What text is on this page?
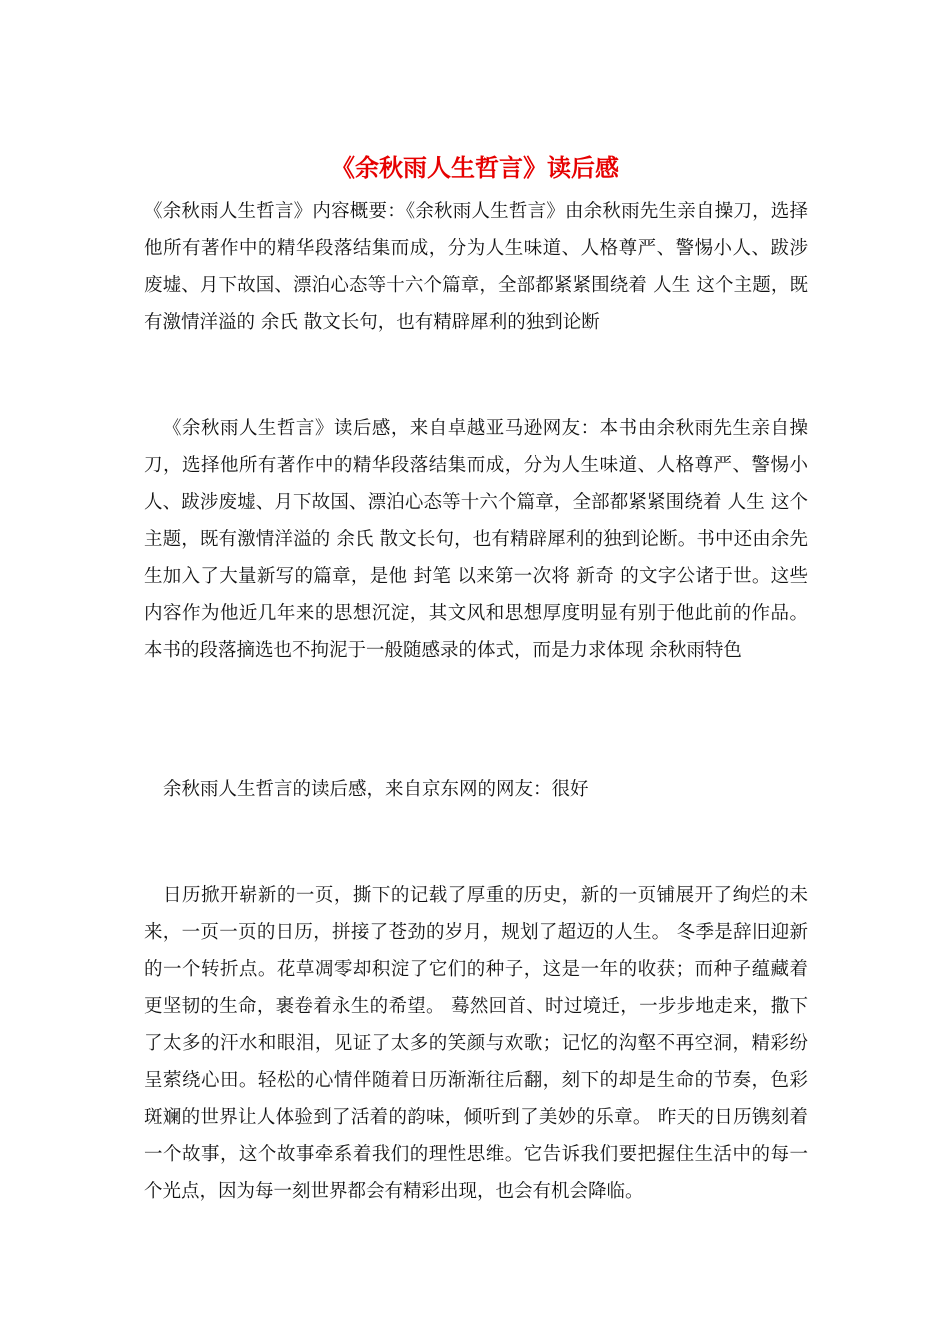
《余秋雨人生哲言》读后感

《余秋雨人生哲言》内容概要：《余秋雨人生哲言》由余秋雨先生亲自操刀，选择他所有著作中的精华段落结集而成，分为人生味道、人格尊严、警惕小人、跋涉废墟、月下故国、漂泊心态等十六个篇章，全部都紧紧围绕着 人生 这个主题，既有激情洋溢的 余氏 散文长句，也有精辟犀利的独到论断

《余秋雨人生哲言》读后感，来自卓越亚马逊网友：本书由余秋雨先生亲自操刀，选择他所有著作中的精华段落结集而成，分为人生味道、人格尊严、警惕小人、跋涉废墟、月下故国、漂泊心态等十六个篇章，全部都紧紧围绕着 人生 这个主题，既有激情洋溢的 余氏 散文长句，也有精辟犀利的独到论断。书中还由余先生加入了大量新写的篇章，是他 封笔 以来第一次将 新奇 的文字公诸于世。这些内容作为他近几年来的思想沉淀，其文风和思想厚度明显有别于他此前的作品。本书的段落摘选也不拘泥于一般随感录的体式，而是力求体现 余秋雨特色

余秋雨人生哲言的读后感，来自京东网的网友：很好

日历掀开崭新的一页，撕下的记载了厚重的历史，新的一页铺展开了绚烂的未来，一页一页的日历，拼接了苍劲的岁月，规划了超迈的人生。 冬季是辞旧迎新的一个转折点。花草凋零却积淀了它们的种子，这是一年的收获；而种子蕴藏着更坚韧的生命，裹卷着永生的希望。 蓦然回首、时过境迁，一步步地走来，撒下了太多的汗水和眼泪，见证了太多的笑颜与欢歌；记忆的沟壑不再空洞，精彩纷呈萦绕心田。轻松的心情伴随着日历渐渐往后翻，刻下的却是生命的节奏，色彩斑斓的世界让人体验到了活着的韵味，倾听到了美妙的乐章。 昨天的日历镌刻着一个故事，这个故事牵系着我们的理性思维。它告诉我们要把握住生活中的每一个光点，因为每一刻世界都会有精彩出现，也会有机会降临。
